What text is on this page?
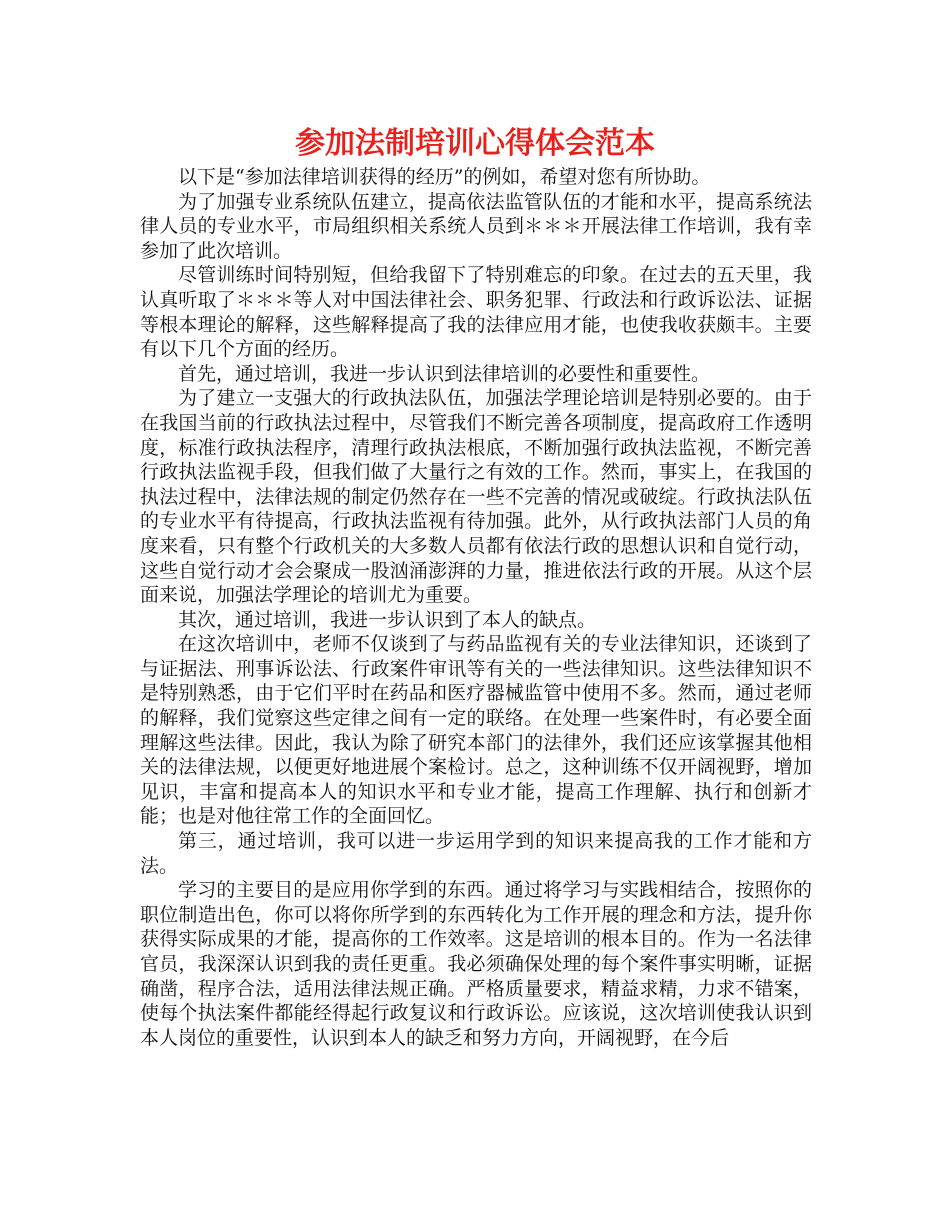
参加法制培训心得体会范本

以下是“参加法律培训获得的经历”的例如，希望对您有所协助。

为了加强专业系统队伍建立，提高依法监管队伍的才能和水平，提高系统法律人员的专业水平，市局组织相关系统人员到＊＊＊开展法律工作培训，我有幸参加了此次培训。

尽管训练时间特别短，但给我留下了特别难忘的印象。在过去的五天里，我认真听取了＊＊＊等人对中国法律社会、职务犯罪、行政法和行政诉讼法、证据等根本理论的解释，这些解释提高了我的法律应用才能，也使我收获颇丰。主要有以下几个方面的经历。

首先，通过培训，我进一步认识到法律培训的必要性和重要性。

为了建立一支强大的行政执法队伍，加强法学理论培训是特别必要的。由于在我国当前的行政执法过程中，尽管我们不断完善各项制度，提高政府工作透明度，标准行政执法程序，清理行政执法根底，不断加强行政执法监视，不断完善行政执法监视手段，但我们做了大量行之有效的工作。然而，事实上，在我国的执法过程中，法律法规的制定仍然存在一些不完善的情况或破绽。行政执法队伍的专业水平有待提高，行政执法监视有待加强。此外，从行政执法部门人员的角度来看，只有整个行政机关的大多数人员都有依法行政的思想认识和自觉行动，这些自觉行动才会会聚成一股汹涌澎湃的力量，推进依法行政的开展。从这个层面来说，加强法学理论的培训尤为重要。

其次，通过培训，我进一步认识到了本人的缺点。

在这次培训中，老师不仅谈到了与药品监视有关的专业法律知识，还谈到了与证据法、刑事诉讼法、行政案件审讯等有关的一些法律知识。这些法律知识不是特别熟悉，由于它们平时在药品和医疗器械监管中使用不多。然而，通过老师的解释，我们觉察这些定律之间有一定的联络。在处理一些案件时，有必要全面理解这些法律。因此，我认为除了研究本部门的法律外，我们还应该掌握其他相关的法律法规，以便更好地进展个案检讨。总之，这种训练不仅开阔视野，增加见识，丰富和提高本人的知识水平和专业才能，提高工作理解、执行和创新才能；也是对他往常工作的全面回忆。

第三，通过培训，我可以进一步运用学到的知识来提高我的工作才能和方法。

学习的主要目的是应用你学到的东西。通过将学习与实践相结合，按照你的职位制造出色，你可以将你所学到的东西转化为工作开展的理念和方法，提升你获得实际成果的才能，提高你的工作效率。这是培训的根本目的。作为一名法律官员，我深深认识到我的责任更重。我必须确保处理的每个案件事实明晰，证据确凿，程序合法，适用法律法规正确。严格质量要求，精益求精，力求不错案，使每个执法案件都能经得起行政复议和行政诉讼。应该说，这次培训使我认识到本人岗位的重要性，认识到本人的缺乏和努力方向，开阔视野，在今后
